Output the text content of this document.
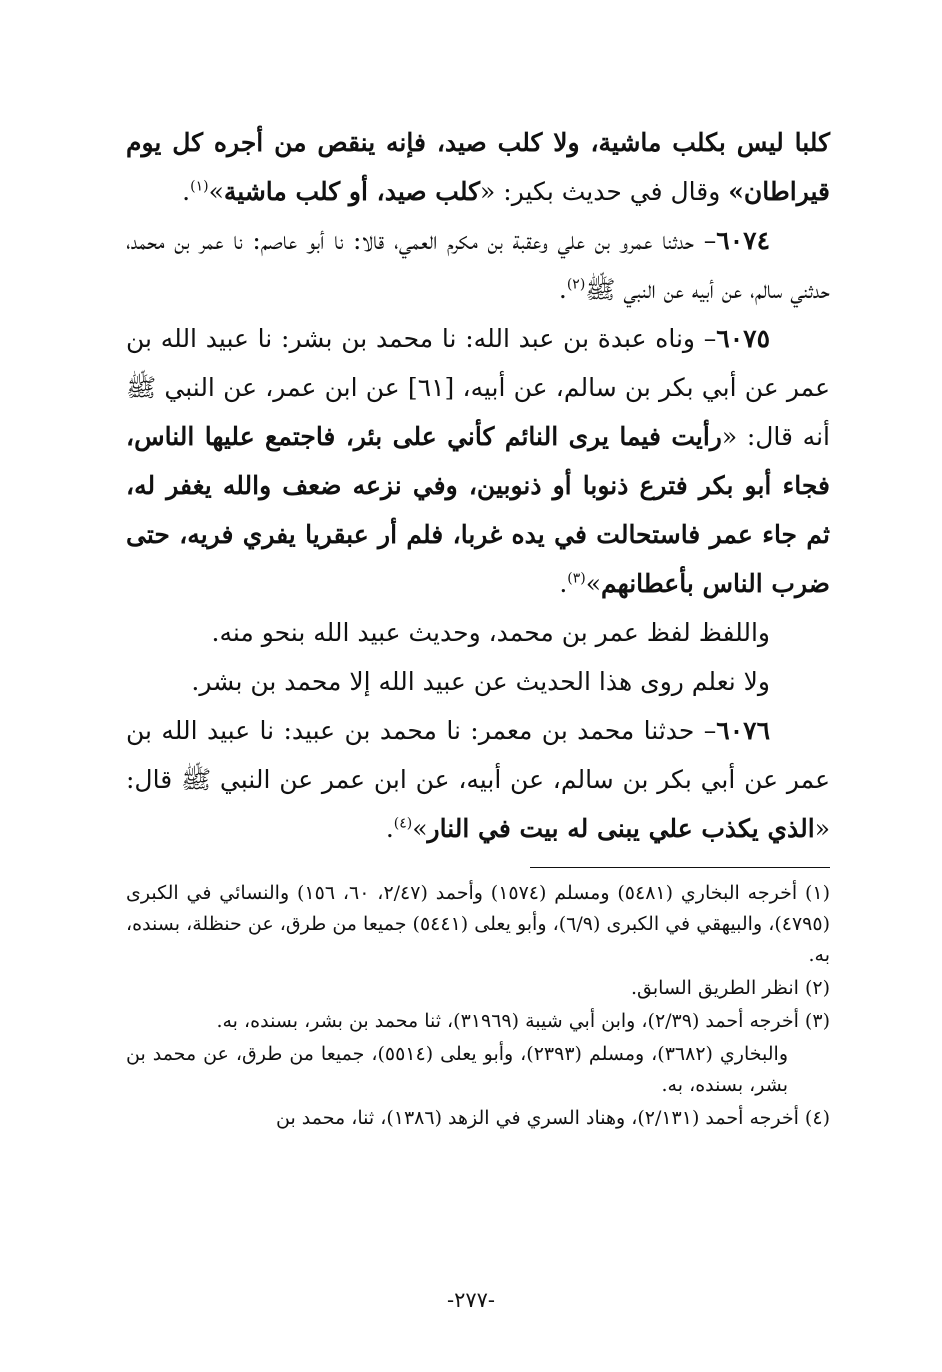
كلبا ليس بكلب ماشية، ولا كلب صيد، فإنه ينقص من أجره كل يوم قيراطان» وقال في حديث بكير: «كلب صيد، أو كلب ماشية»$^{(١)}$.

٦٠٧٤– حدثنا عمرو بن علي وعقبة بن مكرم العمي، قالا: نا أبو عاصم: نا عمر بن محمد، حدثني سالم، عن أبيه عن النبي ﷺ$^{(٢)}$.

٦٠٧٥– وناه عبدة بن عبد الله: نا محمد بن بشر: نا عبيد الله بن عمر عن أبي بكر بن سالم، عن أبيه، [٦١] عن ابن عمر، عن النبي ﷺ أنه قال: «رأيت فيما يرى النائم كأني على بئر، فاجتمع عليها الناس، فجاء أبو بكر فترع ذنوبا أو ذنوبين، وفي نزعه ضعف والله يغفر له، ثم جاء عمر فاستحالت في يده غربا، فلم أر عبقريا يفري فريه، حتى ضرب الناس بأعطانهم»$^{(٣)}$.

واللفظ لفظ عمر بن محمد، وحديث عبيد الله بنحو منه.

ولا نعلم روى هذا الحديث عن عبيد الله إلا محمد بن بشر.

٦٠٧٦– حدثنا محمد بن معمر: نا محمد بن عبيد: نا عبيد الله بن عمر عن أبي بكر بن سالم، عن أبيه، عن ابن عمر عن النبي ﷺ قال: «الذي يكذب علي يبنى له بيت في النار»$^{(٤)}$.

(١) أخرجه البخاري (٥٤٨١) ومسلم (١٥٧٤) وأحمد (٢/٤٧، ٦٠، ١٥٦) والنسائي في الكبرى (٤٧٩٥)، والبيهقي في الكبرى (٦/٩)، وأبو يعلى (٥٤٤١) جميعا من طرق، عن حنظلة، بسنده، به.

(٢) انظر الطريق السابق.

(٣) أخرجه أحمد (٢/٣٩)، وابن أبي شيبة (٣١٩٦٩)، ثنا محمد بن بشر، بسنده، به.

والبخاري (٣٦٨٢)، ومسلم (٢٣٩٣)، وأبو يعلى (٥٥١٤)، جميعا من طرق، عن محمد بن بشر، بسنده، به.

(٤) أخرجه أحمد (٢/١٣١)، وهناد السري في الزهد (١٣٨٦)، ثنا، محمد بن

-٢٧٧-
